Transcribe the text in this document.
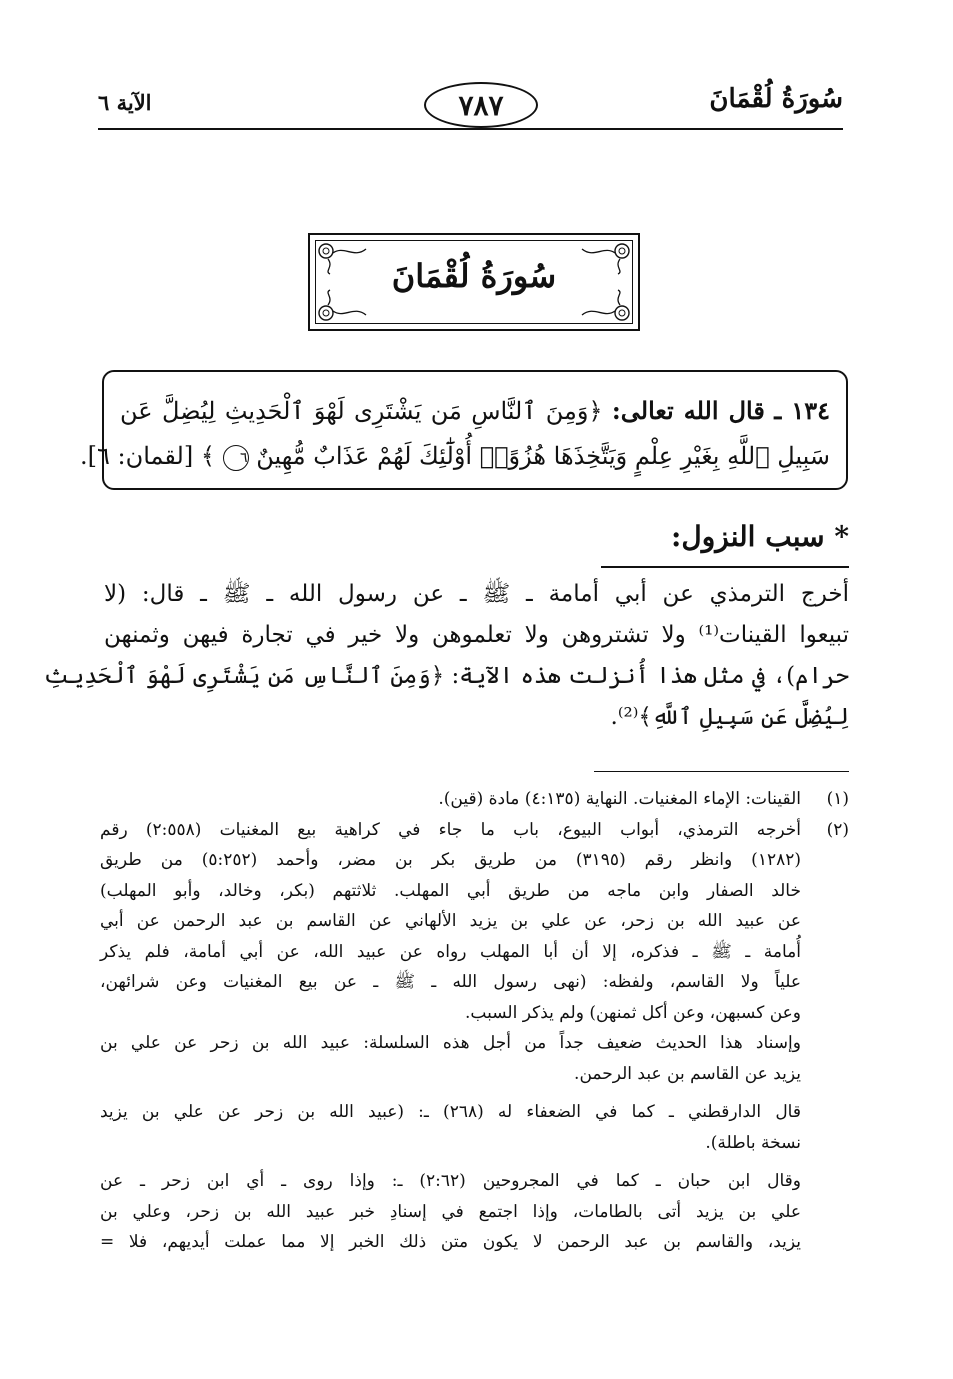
سُورَةُ لُقْمَانَ
٧٨٧
الآية ٦
سُورَةُ لُقْمَانَ
١٣٤ ـ قال الله تعالى: ﴿وَمِنَ ٱلنَّاسِ مَن يَشْتَرِى لَهْوَ ٱلْحَدِيثِ لِيُضِلَّ عَن
سَبِيلِ ٱللَّهِ بِغَيْرِ عِلْمٍ وَيَتَّخِذَهَا هُزُوًاۚ أُوْلَٰٓئِكَ لَهُمْ عَذَابٌ مُّهِينٌ ٦ ﴾ [لقمان: ٦].
* سبب النزول:
أخرج الترمذي عن أبي أمامة ـ ﷺ ـ عن رسول الله ـ ﷺ ـ قال: (لا
تبيعوا القينات⁽¹⁾ ولا تشتروهن ولا تعلموهن ولا خير في تجارة فيهن وثمنهن
حرام)، في مثل هذا أُنزلت هذه الآية: ﴿وَمِنَ ٱلنَّاسِ مَن يَشْتَرِى لَهْوَ ٱلْحَدِيثِ
لِيُضِلَّ عَن سَبِيلِ ٱللَّهِ﴾⁽²⁾.
(١)
القينات: الإماء المغنيات. النهاية (٤:١٣٥) مادة (قين).
(٢)
أخرجه الترمذي، أبواب البيوع، باب ما جاء في كراهية بيع المغنيات (٢:٥٥٨) رقم
(١٢٨٢) وانظر رقم (٣١٩٥) من طريق بكر بن مضر، وأحمد (٥:٢٥٢) من طريق
خالد الصفار وابن ماجه من طريق أبي المهلب. ثلاثتهم (بكر، وخالد، وأبو المهلب)
عن عبيد الله بن زحر، عن علي بن يزيد الألهاني عن القاسم بن عبد الرحمن عن أبي
أُمامة ـ ﷺ ـ فذكره، إلا أن أبا المهلب رواه عن عبيد الله، عن أبي أمامة، فلم يذكر
علياً ولا القاسم، ولفظه: (نهى رسول الله ـ ﷺ ـ عن بيع المغنيات وعن شرائهن،
وعن كسبهن، وعن أكل ثمنهن) ولم يذكر السبب.
وإسناد هذا الحديث ضعيف جداً من أجل هذه السلسلة: عبيد الله بن زحر عن علي بن
يزيد عن القاسم بن عبد الرحمن.
قال الدارقطني ـ كما في الضعفاء له (٢٦٨) ـ: (عبيد الله بن زحر عن علي بن يزيد
نسخة باطلة).
وقال ابن حبان ـ كما في المجروحين (٢:٦٢) ـ: وإذا روى ـ أي ابن زحر ـ عن
علي بن يزيد أتى بالطامات، وإذا اجتمع في إسنادِ خبر عبيد الله بن زحر، وعلي بن
يزيد، والقاسم بن عبد الرحمن لا يكون متن ذلك الخبر إلا مما عملت أيديهم، فلا =
